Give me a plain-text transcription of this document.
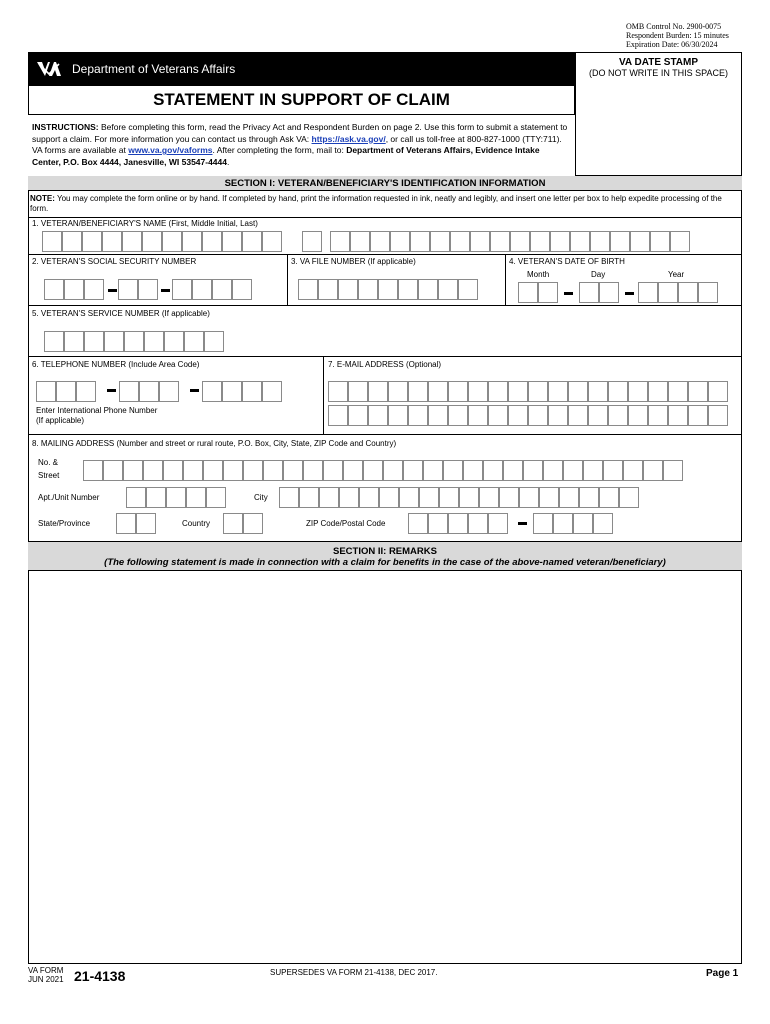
OMB Control No. 2900-0075
Respondent Burden: 15 minutes
Expiration Date: 06/30/2024
Department of Veterans Affairs	VA DATE STAMP
(DO NOT WRITE IN THIS SPACE)
STATEMENT IN SUPPORT OF CLAIM
INSTRUCTIONS: Before completing this form, read the Privacy Act and Respondent Burden on page 2. Use this form to submit a statement to support a claim. For more information you can contact us through Ask VA: https://ask.va.gov/, or call us toll-free at 800-827-1000 (TTY:711). VA forms are available at www.va.gov/vaforms. After completing the form, mail to: Department of Veterans Affairs, Evidence Intake Center, P.O. Box 4444, Janesville, WI 53547-4444.
SECTION I: VETERAN/BENEFICIARY'S IDENTIFICATION INFORMATION
NOTE: You may complete the form online or by hand. If completed by hand, print the information requested in ink, neatly and legibly, and insert one letter per box to help expedite processing of the form.
1. VETERAN/BENEFICIARY'S NAME (First, Middle Initial, Last)
2. VETERAN'S SOCIAL SECURITY NUMBER	3. VA FILE NUMBER (If applicable)	4. VETERAN'S DATE OF BIRTH
Month	Day	Year
5. VETERAN'S SERVICE NUMBER (If applicable)
6. TELEPHONE NUMBER (Include Area Code)	7. E-MAIL ADDRESS (Optional)
Enter International Phone Number
(If applicable)
8. MAILING ADDRESS (Number and street or rural route, P.O. Box, City, State, ZIP Code and Country)
No. &
Street
Apt./Unit Number	City
State/Province	Country	ZIP Code/Postal Code
SECTION II: REMARKS
(The following statement is made in connection with a claim for benefits in the case of the above-named veteran/beneficiary)
VA FORM
JUN 2021 21-4138	SUPERSEDES VA FORM 21-4138, DEC 2017.	Page 1
